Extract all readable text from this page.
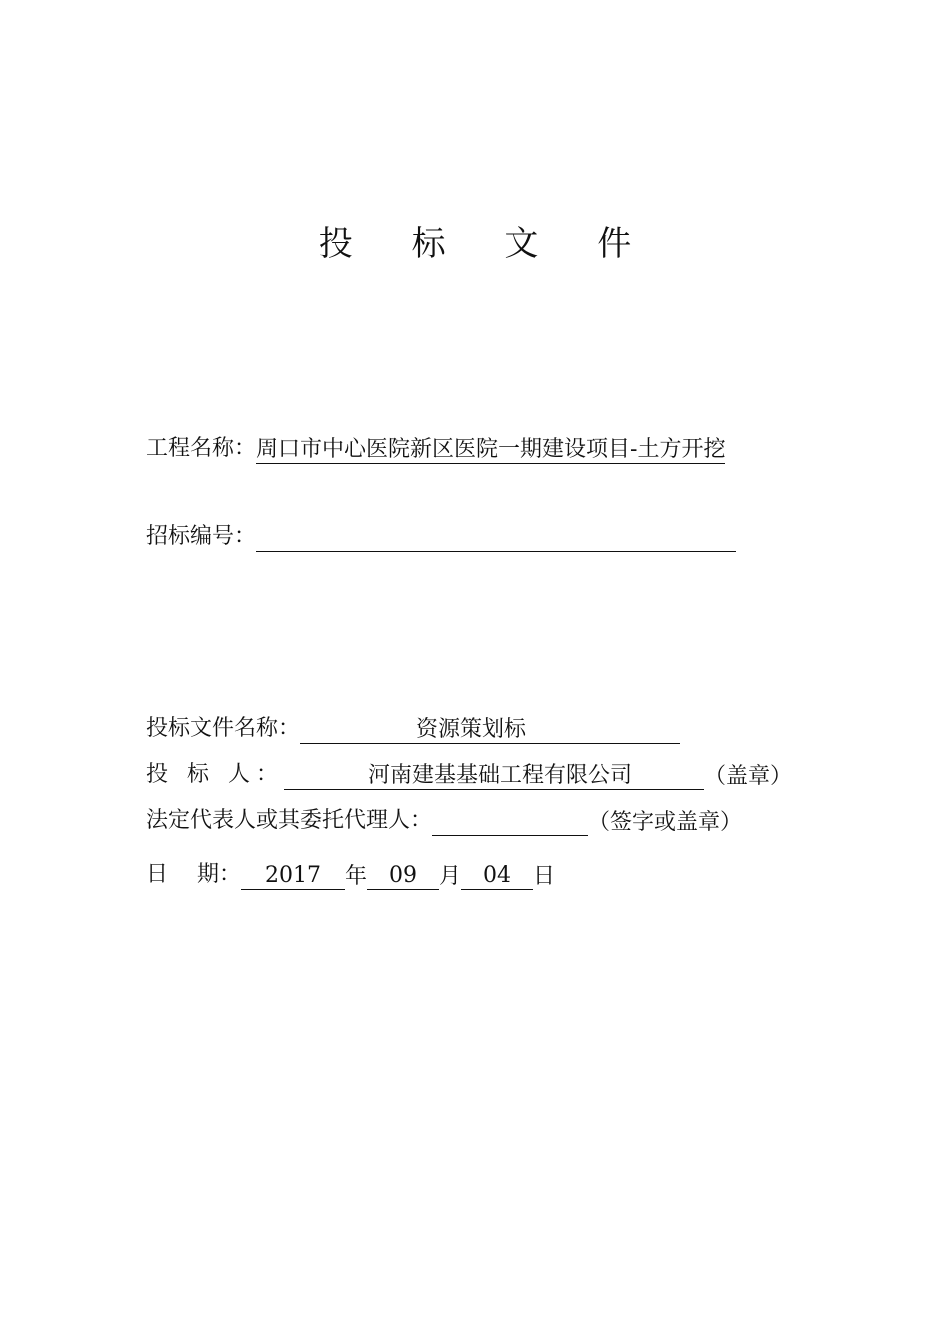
投 标 文 件
工程名称： 周口市中心医院新区医院一期建设项目-土方开挖
招标编号：
投标文件名称：	资源策划标
投 标 人：	河南建基基础工程有限公司	（盖章）
法定代表人或其委托代理人：	（签字或盖章）
日　 期：	2017	年	09	月	04	日
